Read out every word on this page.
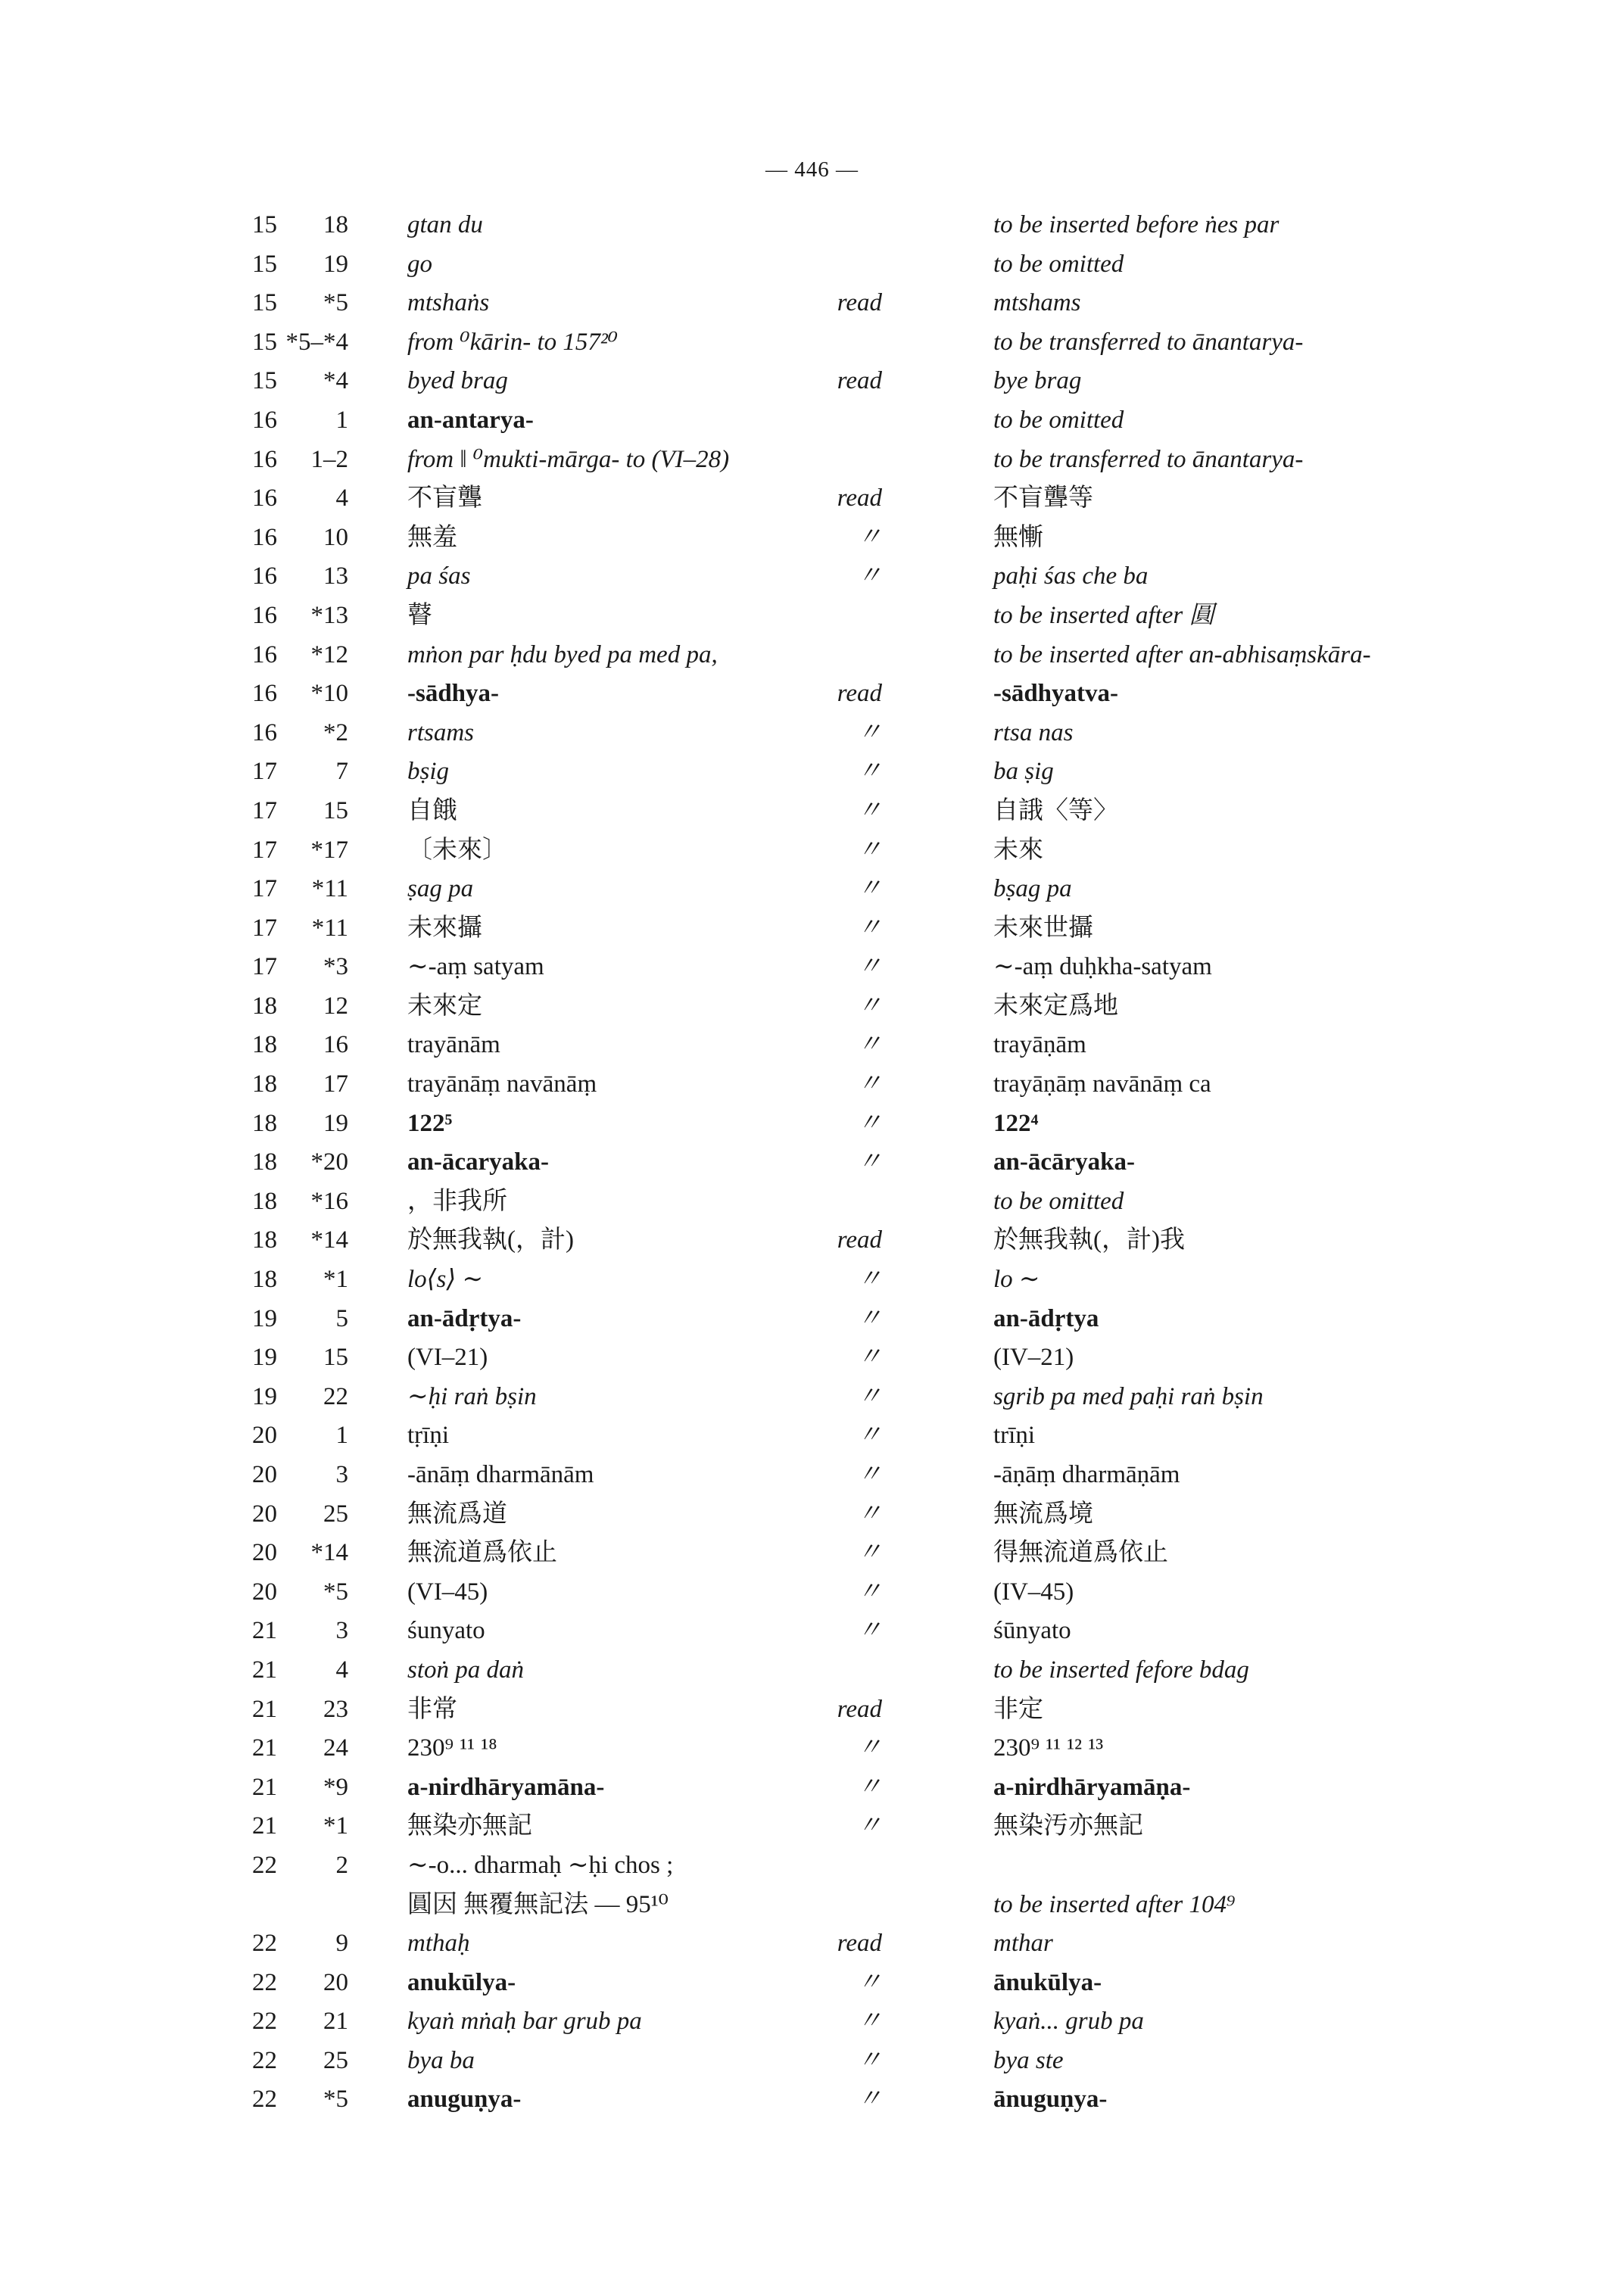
— 446 —
15	18 gtan du	to be inserted before ṅes par
15	19 go	to be omitted
15	*5 mtshaṅs	read	mtshams
15 *5–*4 from ⁰kārin- to 157²⁰	to be transferred to ānantarya-
15	*4 byed brag	read	bye brag
16	1 an-antarya-	to be omitted
16	1–2 from ‖ ⁰mukti-mārga- to (VI–28)	to be transferred to ānantarya-
16	4 不盲聾	read	不盲聾等
16	10 無羞	〃	無慚
16	13 pa śas	〃	paḥi śas che ba
16	*13 瞽	to be inserted after 圓
16	*12 mṅon par ḥdu byed pa med pa,	to be inserted after an-abhisaṃskāra-
16	*10 -sādhya-	read	-sādhyatva-
16	*2 rtsams	〃	rtsa nas
17	7 bṣig	〃	ba ṣig
17	15 自餓	〃	自誐〈等〉
17	*17 〔未來〕	〃	未來
17	*11 ṣag pa	〃	bṣag pa
17	*11 未來攝	〃	未來世攝
17	*3 ∼-aṃ satyam	〃	∼-aṃ duḥkha-satyam
18	12 未來定	〃	未來定爲地
18	16 trayānām	〃	trayāṇām
18	17 trayānāṃ navānāṃ	〃	trayāṇāṃ navānāṃ ca
18	19 122⁵	〃	122⁴
18	*20 an-ācaryaka-	〃	an-ācāryaka-
18	*16 ，非我所	to be omitted
18	*14 於無我執(，計)	read	於無我執(，計)我
18	*1 lo⟨s⟩ ∼	〃	lo ∼
19	5 an-ādṛtya-	〃	an-ādṛtya
19	15 (VI–21)	〃	(IV–21)
19	22 ∼ḥi raṅ bṣin	〃	sgrib pa med paḥi raṅ bṣin
20	1 tṛīṇi	〃	trīṇi
20	3 -ānāṃ dharmānām	〃	-āṇāṃ dharmāṇām
20	25 無流爲道	〃	無流爲境
20	*14 無流道爲依止	〃	得無流道爲依止
20	*5 (VI–45)	〃	(IV–45)
21	3 śunyato	〃	śūnyato
21	4 stoṅ pa daṅ	to be inserted fefore bdag
21	23 非常	read	非定
21	24 230⁹ ¹¹ ¹⁸	〃	230⁹ ¹¹ ¹² ¹³
21	*9 a-nirdhāryamāna-	〃	a-nirdhāryamāṇa-
21	*1 無染亦無記	〃	無染汚亦無記
22	2 ∼-o... dharmaḥ ∼ḥi chos ;
圓因 無覆無記法 — 95¹⁰	to be inserted after 104⁹
22	9 mthaḥ	read	mthar
22	20 anukūlya-	〃	ānukūlya-
22	21 kyaṅ mṅaḥ bar grub pa	〃	kyaṅ... grub pa
22	25 bya ba	〃	bya ste
22	*5 anuguṇya-	〃	ānuguṇya-
